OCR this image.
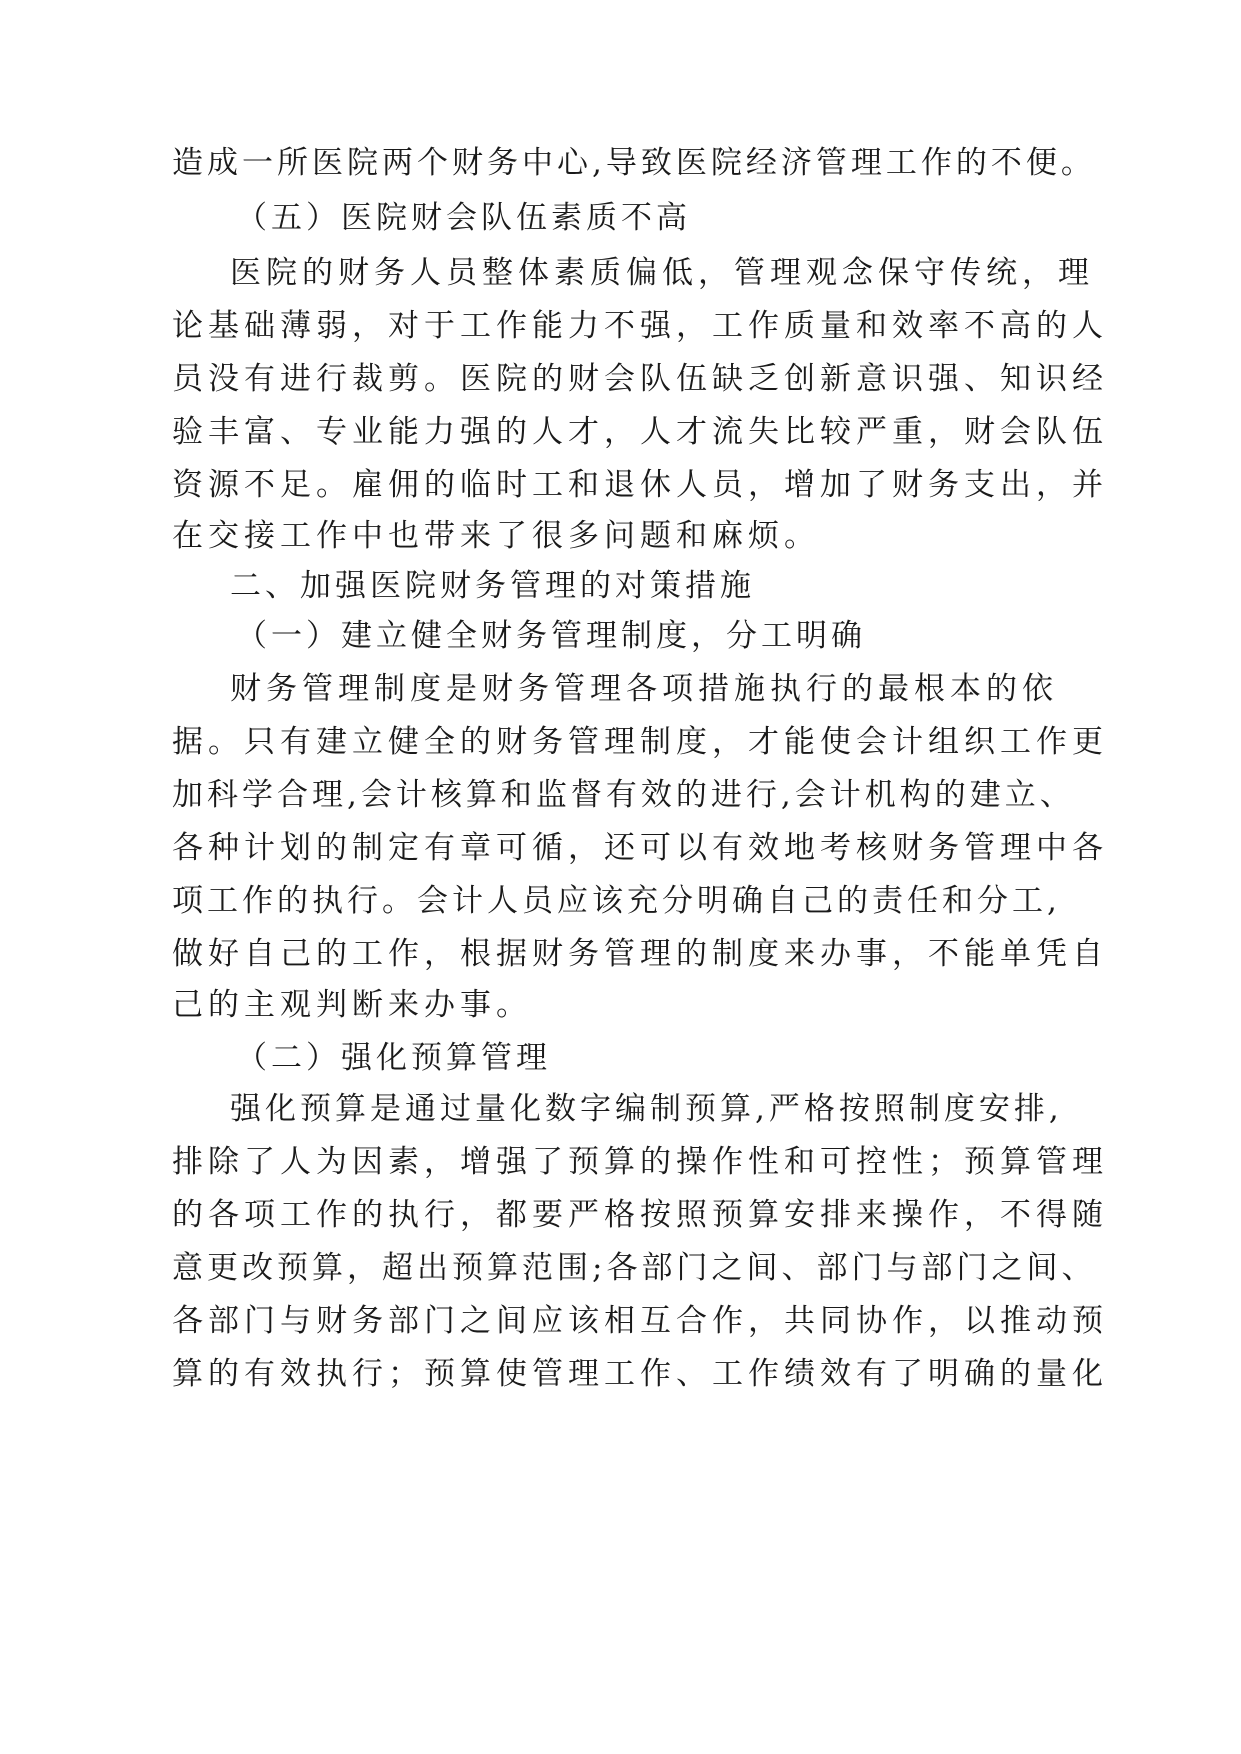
造成一所医院两个财务中心,导致医院经济管理工作的不便。
（五）医院财会队伍素质不高
医院的财务人员整体素质偏低，管理观念保守传统，理
论基础薄弱，对于工作能力不强，工作质量和效率不高的人
员没有进行裁剪。医院的财会队伍缺乏创新意识强、知识经
验丰富、专业能力强的人才，人才流失比较严重，财会队伍
资源不足。雇佣的临时工和退休人员，增加了财务支出，并
在交接工作中也带来了很多问题和麻烦。
二、加强医院财务管理的对策措施
（一）建立健全财务管理制度，分工明确
财务管理制度是财务管理各项措施执行的最根本的依
据。只有建立健全的财务管理制度，才能使会计组织工作更
加科学合理,会计核算和监督有效的进行,会计机构的建立、
各种计划的制定有章可循，还可以有效地考核财务管理中各
项工作的执行。会计人员应该充分明确自己的责任和分工,
做好自己的工作，根据财务管理的制度来办事，不能单凭自
己的主观判断来办事。
（二）强化预算管理
强化预算是通过量化数字编制预算,严格按照制度安排,
排除了人为因素，增强了预算的操作性和可控性；预算管理
的各项工作的执行，都要严格按照预算安排来操作，不得随
意更改预算，超出预算范围;各部门之间、部门与部门之间、
各部门与财务部门之间应该相互合作，共同协作，以推动预
算的有效执行；预算使管理工作、工作绩效有了明确的量化
